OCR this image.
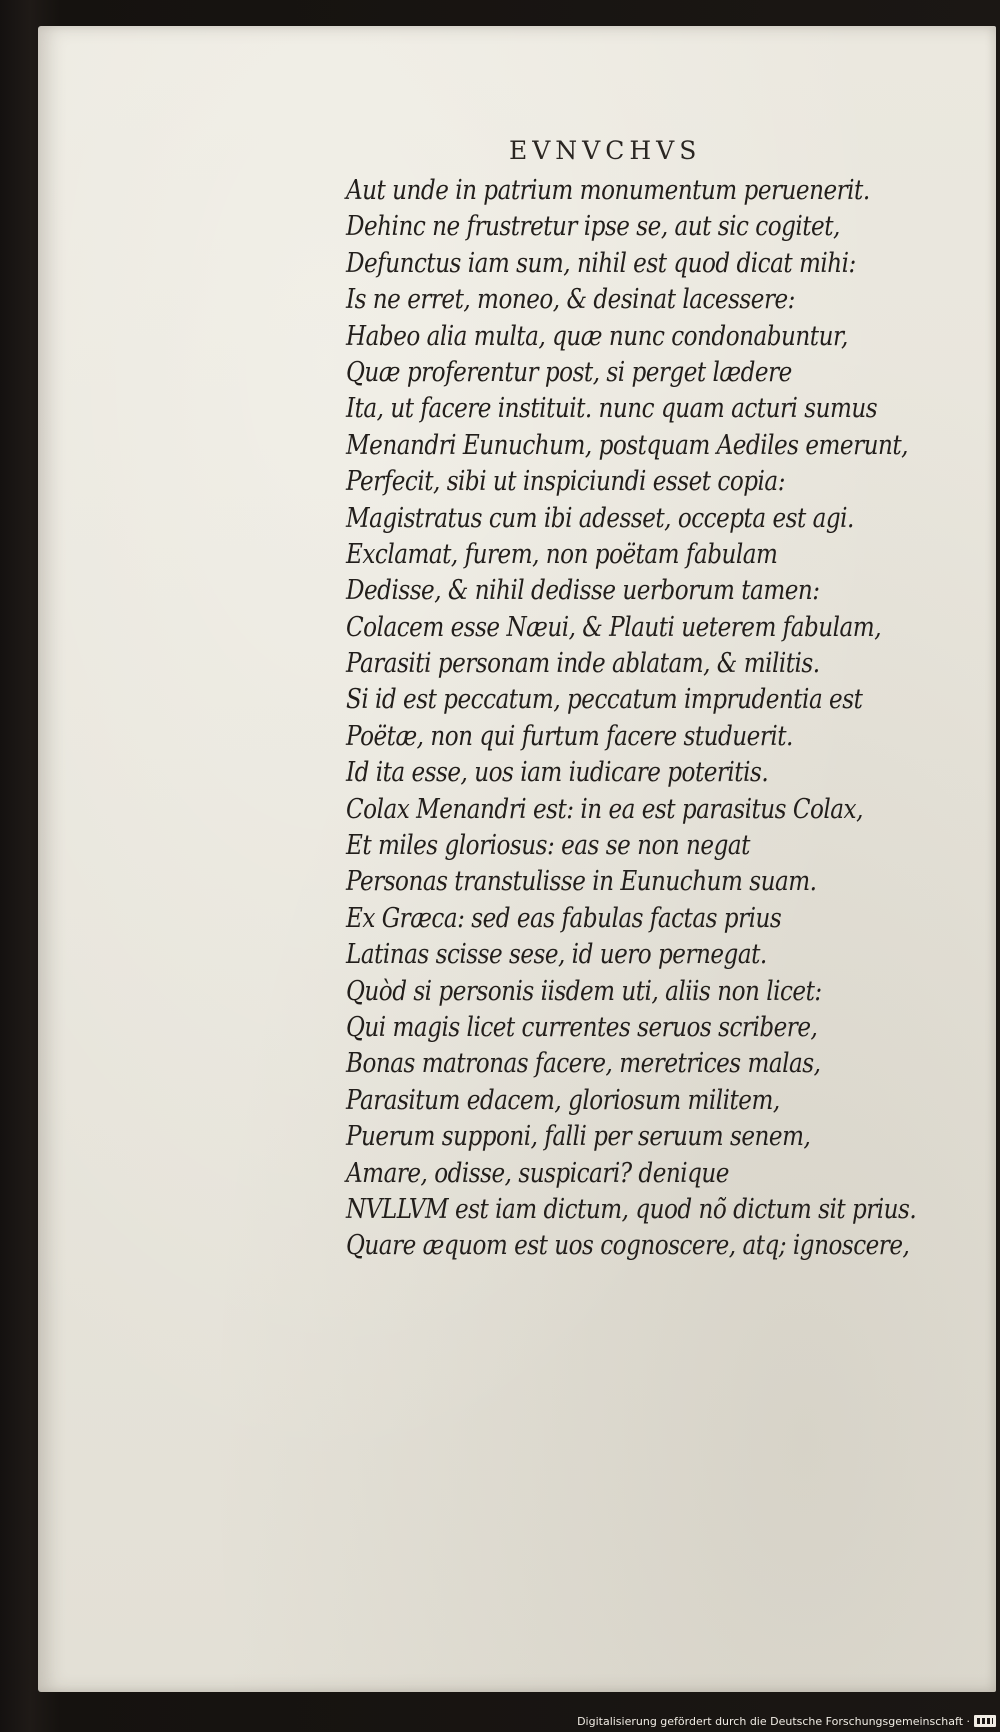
EVNVCHVS
Aut unde in patrium monumentum peruenerit.
Dehinc ne frustretur ipse se, aut sic cogitet,
Defunctus iam sum, nihil est quod dicat mihi:
Is ne erret, moneo, & desinat lacessere:
Habeo alia multa, quæ nunc condonabuntur,
Quæ proferentur post, si perget lædere
Ita, ut facere instituit. nunc quam acturi sumus
Menandri Eunuchum, postquam Aediles emerunt,
Perfecit, sibi ut inspiciundi esset copia:
Magistratus cum ibi adesset, occepta est agi.
Exclamat, furem, non poëtam fabulam
Dedisse, & nihil dedisse uerborum tamen:
Colacem esse Næui, & Plauti ueterem fabulam,
Parasiti personam inde ablatam, & militis.
Si id est peccatum, peccatum imprudentia est
Poëtæ, non qui furtum facere studuerit.
Id ita esse, uos iam iudicare poteritis.
Colax Menandri est: in ea est parasitus Colax,
Et miles gloriosus: eas se non negat
Personas transtulisse in Eunuchum suam.
Ex Græca: sed eas fabulas factas prius
Latinas scisse sese, id uero pernegat.
Quòd si personis iisdem uti, aliis non licet:
Qui magis licet currentes seruos scribere,
Bonas matronas facere, meretrices malas,
Parasitum edacem, gloriosum militem,
Puerum supponi, falli per seruum senem,
Amare, odisse, suspicari? denique
NVLLVM est iam dictum, quod nõ dictum sit prius.
Quare æquom est uos cognoscere, atq; ignoscere,
Digitalisierung gefördert durch die Deutsche Forschungsgemeinschaft ·
